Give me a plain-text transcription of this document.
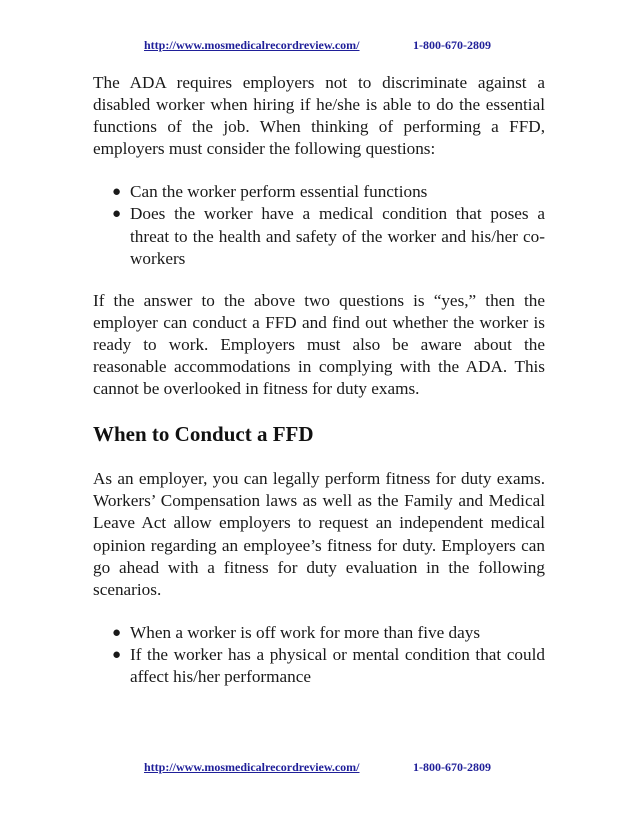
http://www.mosmedicalrecordreview.com/	1-800-670-2809

The ADA requires employers not to discriminate against a disabled worker when hiring if he/she is able to do the essential functions of the job. When thinking of performing a FFD, employers must consider the following questions:

● Can the worker perform essential functions
● Does the worker have a medical condition that poses a threat to the health and safety of the worker and his/her co-workers

If the answer to the above two questions is “yes,” then the employer can conduct a FFD and find out whether the worker is ready to work. Employers must also be aware about the reasonable accommodations in complying with the ADA. This cannot be overlooked in fitness for duty exams.

When to Conduct a FFD

As an employer, you can legally perform fitness for duty exams. Workers’ Compensation laws as well as the Family and Medical Leave Act allow employers to request an independent medical opinion regarding an employee’s fitness for duty. Employers can go ahead with a fitness for duty evaluation in the following scenarios.

● When a worker is off work for more than five days
● If the worker has a physical or mental condition that could affect his/her performance
http://www.mosmedicalrecordreview.com/	1-800-670-2809
